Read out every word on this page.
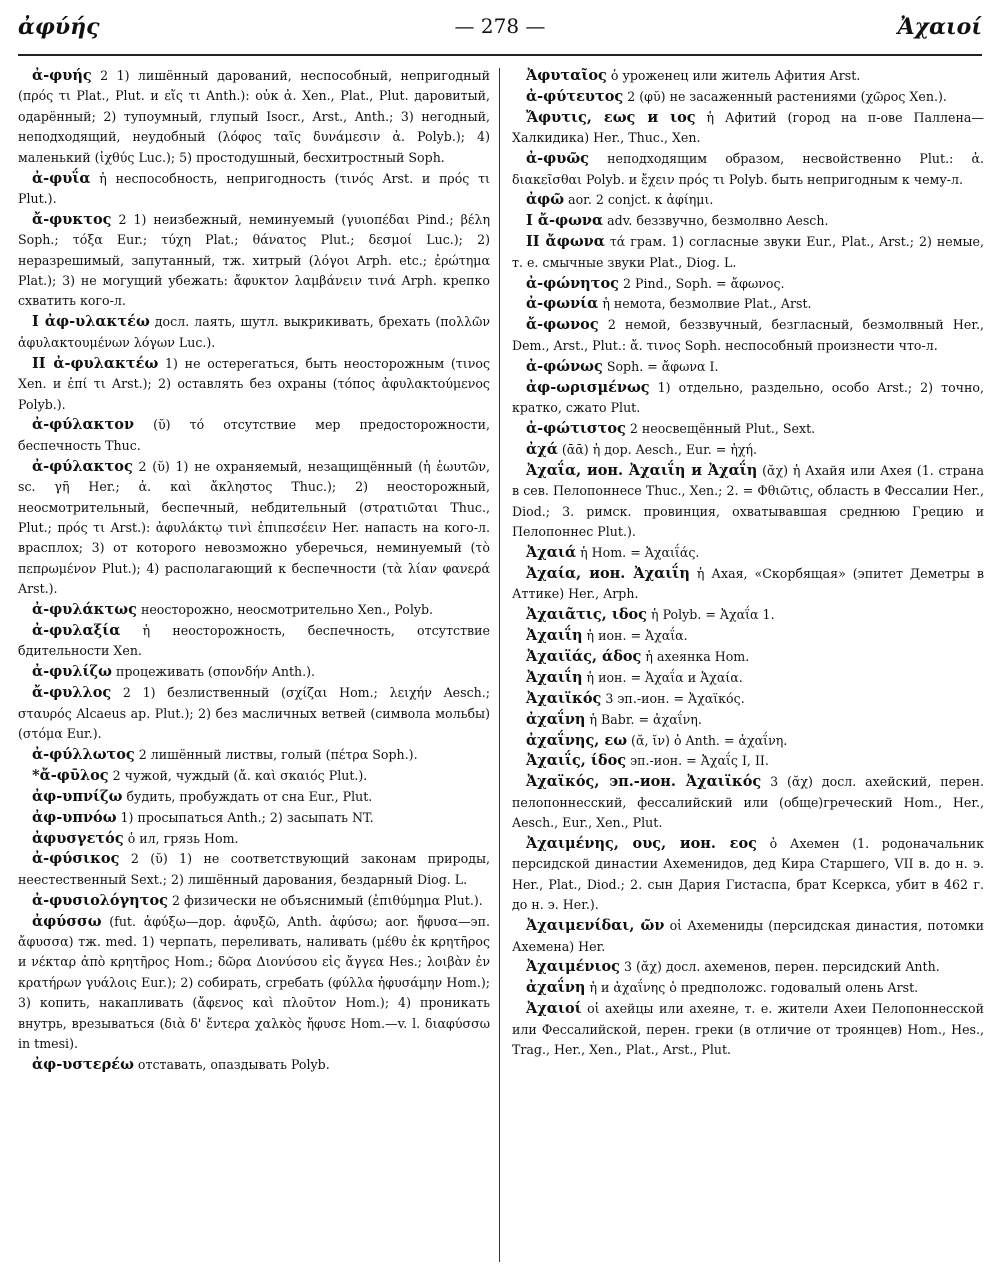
ἀφύής	— 278 —	Ἀχαιοί
ἀ-φυής 2 1) лишённый дарований, неспособный, непригодный (πρός τι Plat., Plut. и εἴς τι Anth.): οὐκ ἀ. Xen., Plat., Plut. даровитый, одарённый; 2) тупоумный, глупый Isocr., Arst., Anth.; 3) негодный, неподходящий, неудобный (λόφος ταῖς δυνάμεσιν ἀ. Polyb.); 4) маленький (ἰχθύς Luc.); 5) простодушный, бесхитростный Soph.
ἀ-φυΐα ἡ неспособность, непригодность (τινός Arst. и πρός τι Plut.).
ἄ-φυκτος 2 1) неизбежный, неминуемый (γυιοπέδαι Pind.; βέλη Soph.; τόξα Eur.; τύχη Plat.; θάνατος Plut.; δεσμοί Luc.); 2) неразрешимый, запутанный, тж. хитрый (λόγοι Arph. etc.; ἐρώτημα Plat.); 3) не могущий убежать: ἄφυκτον λαμβάνειν τινά Arph. крепко схватить кого-л.
I ἀφ-υλακτέω досл. лаять, шутл. выкрикивать, брехать (πολλῶν ἀφυλακτουμένων λόγων Luc.).
II ἀ-φυλακτέω 1) не остерегаться, быть неосторожным (τινος Xen. и ἐπί τι Arst.); 2) оставлять без охраны (τόπος ἀφυλακτούμενος Polyb.).
ἀ-φύλακτον (ῠ) τό отсутствие мер предосторожности, беспечность Thuc.
ἀ-φύλακτος 2 (ῠ) 1) не охраняемый, незащищённый (ἡ ἑωυτῶν, sc. γῆ Her.; ἀ. καὶ ἄκληστος Thuc.); 2) неосторожный, неосмотрительный, беспечный, небдительный (στρατιῶται Thuc., Plut.; πρός τι Arst.): ἀφυλάκτῳ τινὶ ἐπιπεσέειν Her. напасть на кого-л. врасплох; 3) от которого невозможно уберечься, неминуемый (τὸ πεπρωμένον Plut.); 4) располагающий к беспечности (τὰ λίαν φανερά Arst.).
ἀ-φυλάκτως неосторожно, неосмотрительно Xen., Polyb.
ἀ-φυλαξία ἡ неосторожность, беспечность, отсутствие бдительности Xen.
ἀ-φυλίζω процеживать (σπονδήν Anth.).
ἄ-φυλλος 2 1) безлиственный (σχίζαι Hom.; λειχήν Aesch.; σταυρός Alcaeus ap. Plut.); 2) без масличных ветвей (символа мольбы) (στόμα Eur.).
ἀ-φύλλωτος 2 лишённый листвы, голый (πέτρα Soph.).
*ἄ-φῡλος 2 чужой, чуждый (ἄ. καὶ σκαιός Plut.).
ἀφ-υπνίζω будить, пробуждать от сна Eur., Plut.
ἀφ-υπνόω 1) просыпаться Anth.; 2) засыпать NT.
ἀφυσγετός ὁ ил, грязь Hom.
ἀ-φύσικος 2 (ῠ) 1) не соответствующий законам природы, неестественный Sext.; 2) лишённый дарования, бездарный Diog. L.
ἀ-φυσιολόγητος 2 физически не объяснимый (ἐπιθύμημα Plut.).
ἀφύσσω (fut. ἀφύξω—дор. ἀφυξῶ, Anth. ἀφύσω; aor. ἤφυσα—эп. ἄφυσσα) тж. med. 1) черпать, переливать, наливать (μέθυ ἐκ κρητῆρος и νέκταρ ἀπὸ κρητῆρος Hom.; δῶρα Διονύσου εἰς ἄγγεα Hes.; λοιβὰν ἐν κρατήρων γυάλοις Eur.); 2) собирать, сгребать (φύλλα ἠφυσάμην Hom.); 3) копить, накапливать (ἄφενος καὶ πλοῦτον Hom.); 4) проникать внутрь, врезываться (διὰ δ' ἔντερα χαλκὸς ἤφυσε Hom.—v. l. διαφύσσω in tmesi).
ἀφ-υστερέω отставать, опаздывать Polyb.
Ἀφυταῖος ὁ уроженец или житель Афития Arst.
ἀ-φύτευτος 2 (φῠ) не засаженный растениями (χῶρος Xen.).
Ἄφυτις, εως и ιος ἡ Афитий (город на п-ове Паллена—Халкидика) Her., Thuc., Xen.
ἀ-φυῶς неподходящим образом, несвойственно Plut.: ἀ. διακεῖσθαι Polyb. и ἔχειν πρός τι Polyb. быть непригодным к чему-л.
ἀφῶ aor. 2 conjct. к ἀφίημι.
I ἄ-φωνα adv. беззвучно, безмолвно Aesch.
II ἄφωνα τά грам. 1) согласные звуки Eur., Plat., Arst.; 2) немые, т. е. смычные звуки Plat., Diog. L.
ἀ-φώνητος 2 Pind., Soph. = ἄφωνος.
ἀ-φωνία ἡ немота, безмолвие Plat., Arst.
ἄ-φωνος 2 немой, беззвучный, безгласный, безмолвный Her., Dem., Arst., Plut.: ἄ. τινος Soph. неспособный произнести что-л.
ἀ-φώνως Soph. = ἄφωνα I.
ἀφ-ωρισμένως 1) отдельно, раздельно, особо Arst.; 2) точно, кратко, сжато Plut.
ἀ-φώτιστος 2 неосвещённый Plut., Sext.
ἀχά (ᾱᾱ) ἡ дор. Aesch., Eur. = ἠχή.
Ἀχαΐα, ион. Ἀχαιΐη и Ἀχαΐη (ᾰχ) ἡ Ахайя или Ахея (1. страна в сев. Пелопоннесе Thuc., Xen.; 2. = Φθιῶτις, область в Фессалии Her., Diod.; 3. римск. провинция, охватывавшая среднюю Грецию и Пелопоннес Plut.).
Ἀχαιά ἡ Hom. = Ἀχαιΐάς.
Ἀχαία, ион. Ἀχαιΐη ἡ Ахая, «Скорбящая» (эпитет Деметры в Аттике) Her., Arph.
Ἀχαιᾶτις, ιδος ἡ Polyb. = Ἀχαΐα 1.
Ἀχαιΐη ἡ ион. = Ἀχαΐα.
Ἀχαιϊάς, άδος ἡ ахеянка Hom.
Ἀχαιΐη ἡ ион. = Ἀχαΐα и Ἀχαία.
Ἀχαιϊκός 3 эп.-ион. = Ἀχαϊκός.
ἀχαΐνη ἡ Babr. = ἀχαΐνη.
ἀχαΐνης, εω (ᾰ, ῐν) ὁ Anth. = ἀχαΐνη.
Ἀχαιΐς, ίδος эп.-ион. = Ἀχαΐς I, II.
Ἀχαϊκός, эп.-ион. Ἀχαιϊκός 3 (ᾰχ) досл. ахейский, перен. пелопоннесский, фессалийский или (обще)греческий Hom., Her., Aesch., Eur., Xen., Plut.
Ἀχαιμένης, ους, ион. εος ὁ Ахемен (1. родоначальник персидской династии Ахеменидов, дед Кира Старшего, VII в. до н. э. Her., Plat., Diod.; 2. сын Дария Гистаспа, брат Ксеркса, убит в 462 г. до н. э. Her.).
Ἀχαιμενίδαι, ῶν οἱ Ахемениды (персидская династия, потомки Ахемена) Her.
Ἀχαιμένιος 3 (ᾰχ) досл. ахеменов, перен. персидский Anth.
ἀχαΐνη ἡ и ἀχαΐνης ὁ предположс. годовалый олень Arst.
Ἀχαιοί οἱ ахейцы или ахеяне, т. е. жители Ахеи Пелопоннесской или Фессалийской, перен. греки (в отличие от троянцев) Hom., Hes., Trag., Her., Xen., Plat., Arst., Plut.
